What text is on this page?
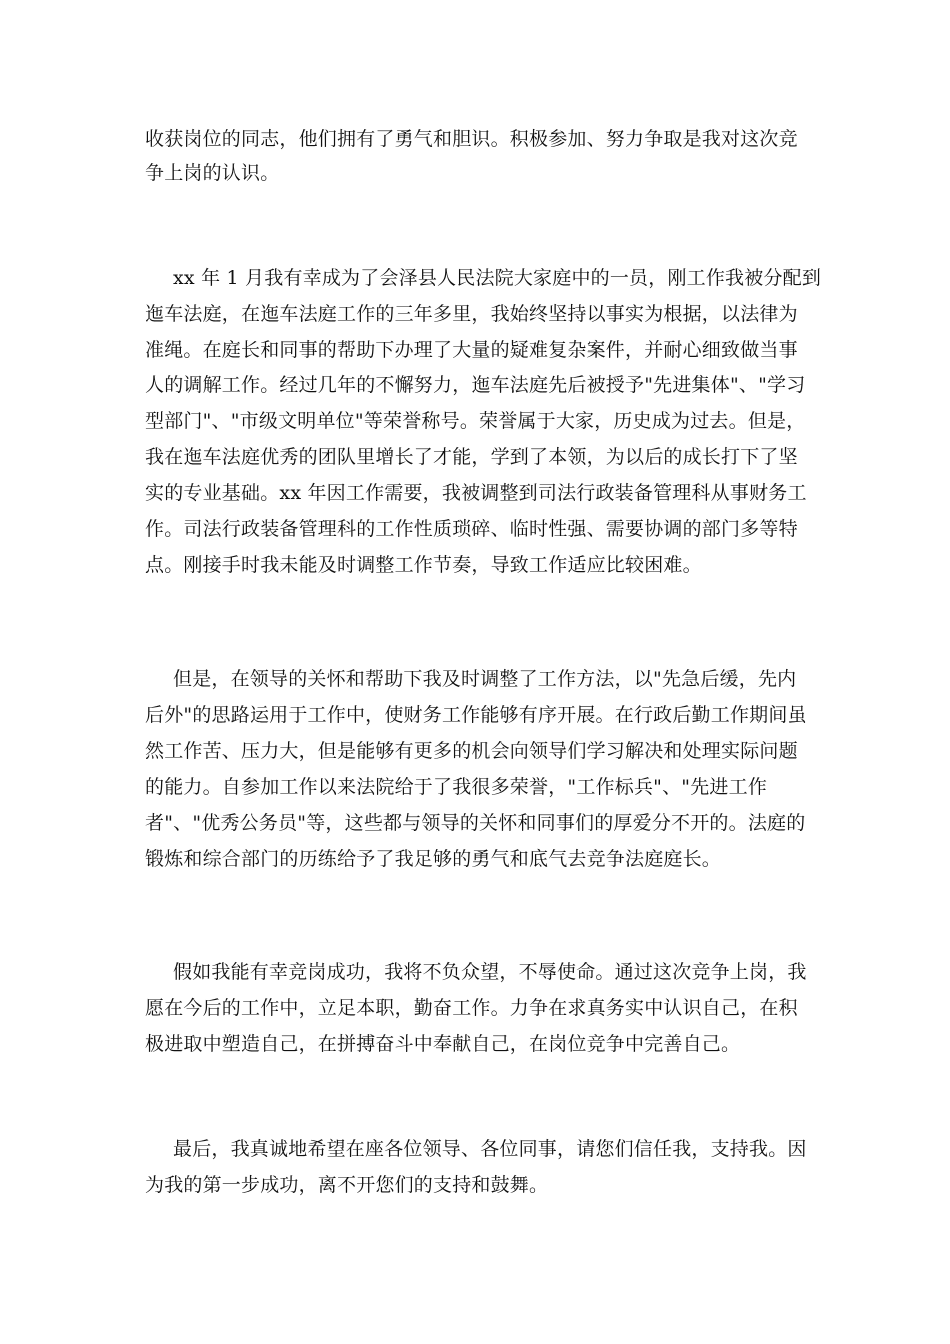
收获岗位的同志，他们拥有了勇气和胆识。积极参加、努力争取是我对这次竞

争上岗的认识。

xx 年 1 月我有幸成为了会泽县人民法院大家庭中的一员，刚工作我被分配到

迤车法庭，在迤车法庭工作的三年多里，我始终坚持以事实为根据，以法律为

准绳。在庭长和同事的帮助下办理了大量的疑难复杂案件，并耐心细致做当事

人的调解工作。经过几年的不懈努力，迤车法庭先后被授予"先进集体"、"学习

型部门"、"市级文明单位"等荣誉称号。荣誉属于大家，历史成为过去。但是，

我在迤车法庭优秀的团队里增长了才能，学到了本领，为以后的成长打下了坚

实的专业基础。xx 年因工作需要，我被调整到司法行政装备管理科从事财务工

作。司法行政装备管理科的工作性质琐碎、临时性强、需要协调的部门多等特

点。刚接手时我未能及时调整工作节奏，导致工作适应比较困难。

但是，在领导的关怀和帮助下我及时调整了工作方法，以"先急后缓，先内

后外"的思路运用于工作中，使财务工作能够有序开展。在行政后勤工作期间虽

然工作苦、压力大，但是能够有更多的机会向领导们学习解决和处理实际问题

的能力。自参加工作以来法院给于了我很多荣誉，"工作标兵"、"先进工作

者"、"优秀公务员"等，这些都与领导的关怀和同事们的厚爱分不开的。法庭的

锻炼和综合部门的历练给予了我足够的勇气和底气去竞争法庭庭长。

假如我能有幸竞岗成功，我将不负众望，不辱使命。通过这次竞争上岗，我

愿在今后的工作中，立足本职，勤奋工作。力争在求真务实中认识自己，在积

极进取中塑造自己，在拼搏奋斗中奉献自己，在岗位竞争中完善自己。

最后，我真诚地希望在座各位领导、各位同事，请您们信任我，支持我。因

为我的第一步成功，离不开您们的支持和鼓舞。
